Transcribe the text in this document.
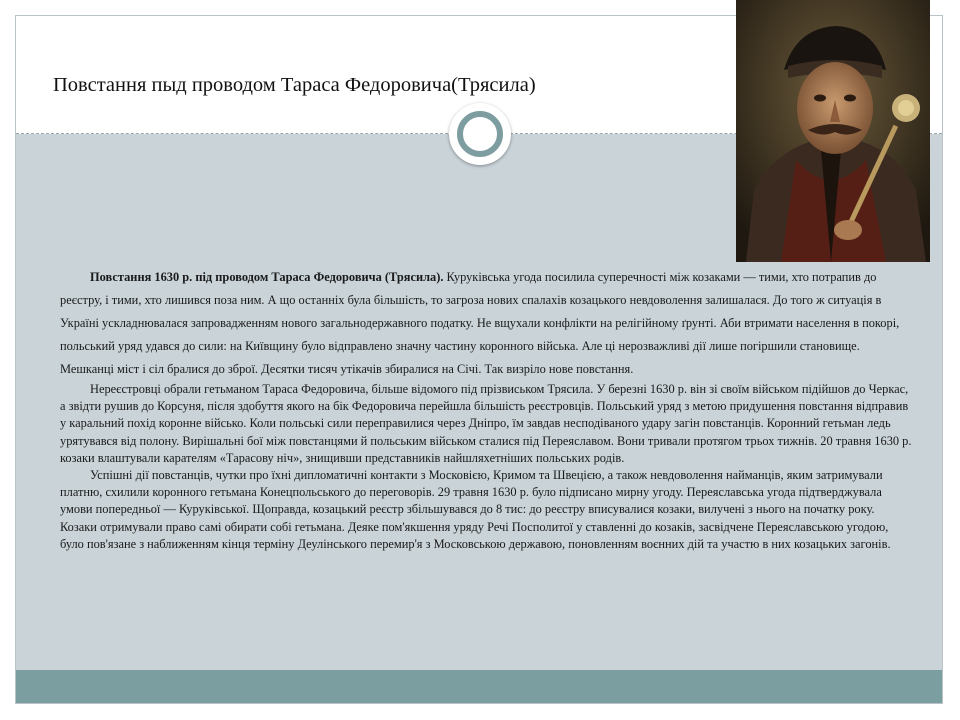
Повстання пыд проводом Тараса Федоровича(Трясила)

Повстання 1630 р. під проводом Тараса Федоровича (Трясила). Куруківська угода посилила суперечності між козаками — тими, хто потрапив до реєстру, і тими, хто лишився поза ним. А що останніх була більшість, то загроза нових спалахів козацького невдоволення залишалася. До того ж ситуація в Україні ускладнювалася запровадженням нового загальнодержавного податку. Не вщухали конфлікти на релігійному ґрунті. Аби втримати населення в покорі, польський уряд удався до сили: на Київщину було відправлено значну частину коронного війська. Але ці нерозважливі дії лише погіршили становище. Мешканці міст і сіл бралися до зброї. Десятки тисяч утікачів збиралися на Січі. Так визріло нове повстання.

Нереєстровці обрали гетьманом Тараса Федоровича, більше відомого під прізвиськом Трясила. У березні 1630 р. він зі своїм військом підійшов до Черкас, а звідти рушив до Корсуня, після здобуття якого на бік Федоровича перейшла більшість реєстровців. Польський уряд з метою придушення повстання відправив у каральний похід коронне військо. Коли польські сили переправилися через Дніпро, їм завдав несподіваного удару загін повстанців. Коронний гетьман ледь урятувався від полону. Вирішальні бої між повстанцями й польським військом сталися під Переяславом. Вони тривали протягом трьох тижнів. 20 травня 1630 р. козаки влаштували карателям «Тарасову ніч», знищивши представників найшляхетніших польських родів.

Успішні дії повстанців, чутки про їхні дипломатичні контакти з Московією, Кримом та Швецією, а також невдоволення найманців, яким затримували платню, схилили коронного гетьмана Конецпольського до переговорів. 29 травня 1630 р. було підписано мирну угоду. Переяславська угода підтверджувала умови попередньої — Куруківської. Щоправда, козацький реєстр збільшувався до 8 тис: до реєстру вписувалися козаки, вилучені з нього на початку року. Козаки отримували право самі обирати собі гетьмана. Деяке пом'якшення уряду Речі Посполитої у ставленні до козаків, засвідчене Переяславською угодою, було пов'язане з наближенням кінця терміну Деулінського перемир'я з Московською державою, поновленням воєнних дій та участю в них козацьких загонів.
